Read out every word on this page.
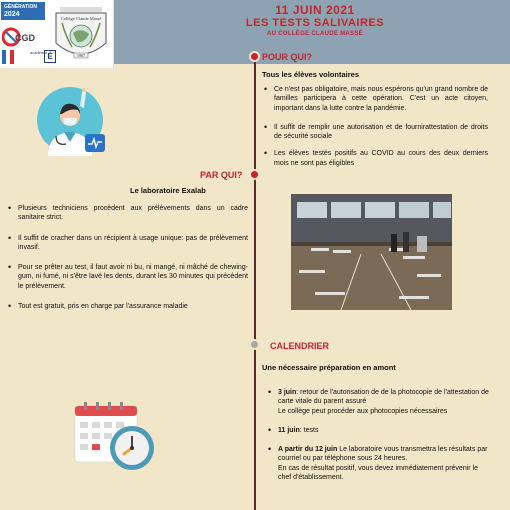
GÉNÉRATION
2024
CGD
académie É
Collège Claude Massé
1967
11 JUIN 2021
LES TESTS SALIVAIRES
AU COLLÈGE CLAUDE MASSÉ
POUR QUI?
Tous les élèves volontaires
• Ce n'est pas obligatoire, mais nous espérons qu'un grand nombre de familles participera à cette opération. C'est un acte citoyen, important dans la lutte contre la pandémie.
• Il suffit de remplir une autorisation et de fournirattestation de droits de sécurité sociale
• Les élèves testés positifs au COVID au cours des deux derniers mois ne sont pas éligibles
PAR QUI?
Le laboratoire Exalab
• Plusieurs techniciens procèdent aux prélèvements dans un cadre sanitaire strict.
• Il suffit de cracher dans un récipient à usage unique: pas de prélèvement invasif.
• Pour se prêter au test, il faut avoir ni bu, ni mangé, ni mâché de chewing-gum, ni fumé, ni s'être lavé les dents, durant les 30 minutes qui précèdent le prélèvement.
• Tout est gratuit, pris en charge par l'assurance maladie
CALENDRIER
Une nécessaire préparation en amont
• 3 juin: retour de l'autorisation de de la photocopie de l'attestation de carte vitale du parent assuré
Le collège peut procéder aux photocopies nécessaires
• 11 juin: tests
• A partir du 12 juin Le laboratoire vous transmettra les résultats par courriel ou par téléphone sous 24 heures.
En cas de résultat positif, vous devez immédiatement prévenir le chef d'établissement.
